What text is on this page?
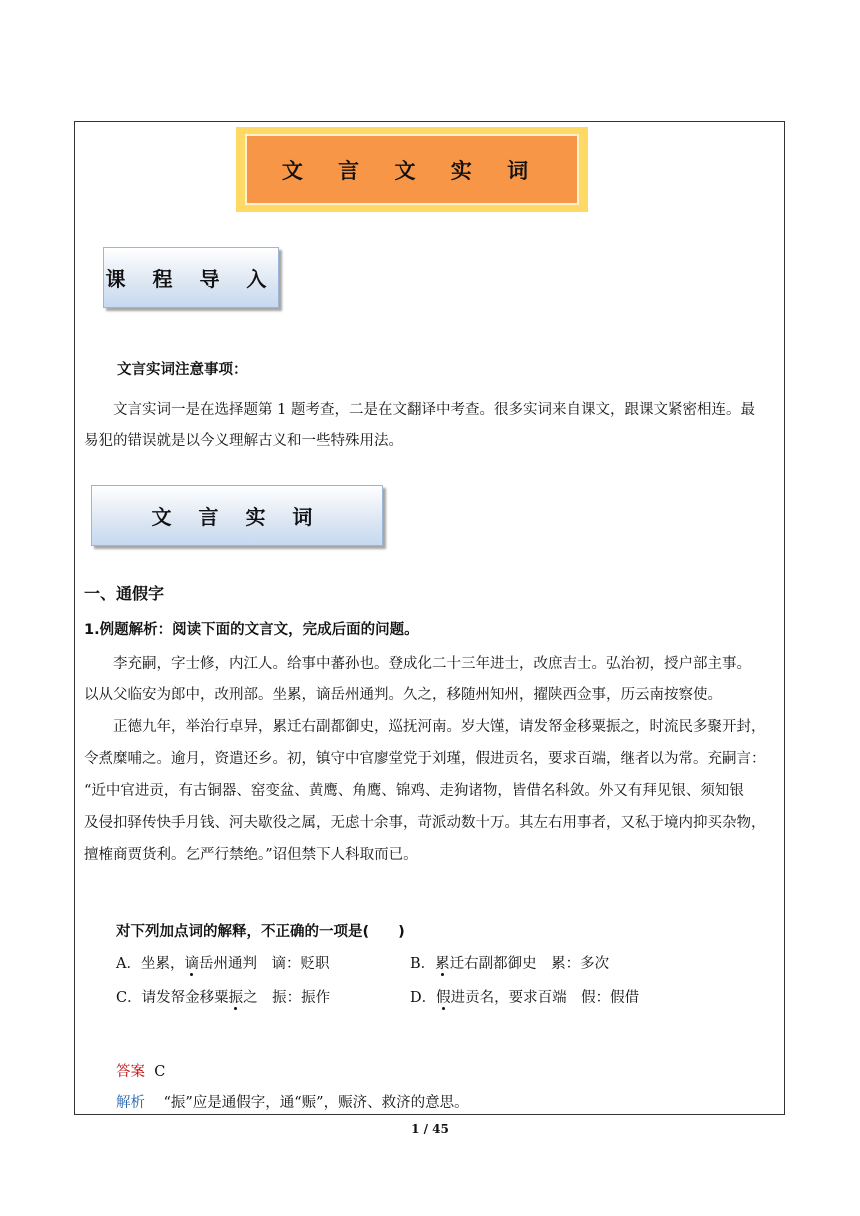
文 言 文 实 词
课 程 导 入
文言实词注意事项：
文言实词一是在选择题第 1 题考查，二是在文翻译中考查。很多实词来自课文，跟课文紧密相连。最
易犯的错误就是以今义理解古义和一些特殊用法。
文 言 实 词
一、通假字
1.例题解析：阅读下面的文言文，完成后面的问题。
李充嗣，字士修，内江人。给事中蕃孙也。登成化二十三年进士，改庶吉士。弘治初，授户部主事。
以从父临安为郎中，改刑部。坐累，谪岳州通判。久之，移随州知州，擢陕西佥事，历云南按察使。
正德九年，举治行卓异，累迁右副都御史，巡抚河南。岁大馑，请发帑金移粟振之，时流民多聚开封，
令煮糜哺之。逾月，资遣还乡。初，镇守中官廖堂党于刘瑾，假进贡名，要求百端，继者以为常。充嗣言：
“近中官进贡，有古铜器、窑变盆、黄鹰、角鹰、锦鸡、走狗诸物，皆借名科敛。外又有拜见银、须知银
及侵扣驿传快手月钱、河夫歇役之属，无虑十余事，苛派动数十万。其左右用事者，又私于境内抑买杂物，
擅榷商贾货利。乞严行禁绝。”诏但禁下人科取而已。
对下列加点词的解释，不正确的一项是(　　)
A．坐累，谪岳州通判　谪：贬职	B．累迁右副都御史　累：多次
C．请发帑金移粟振之　振：振作	D．假进贡名，要求百端　假：假借
答案 C
解析 “振”应是通假字，通“赈”，赈济、救济的意思。
1 / 45
